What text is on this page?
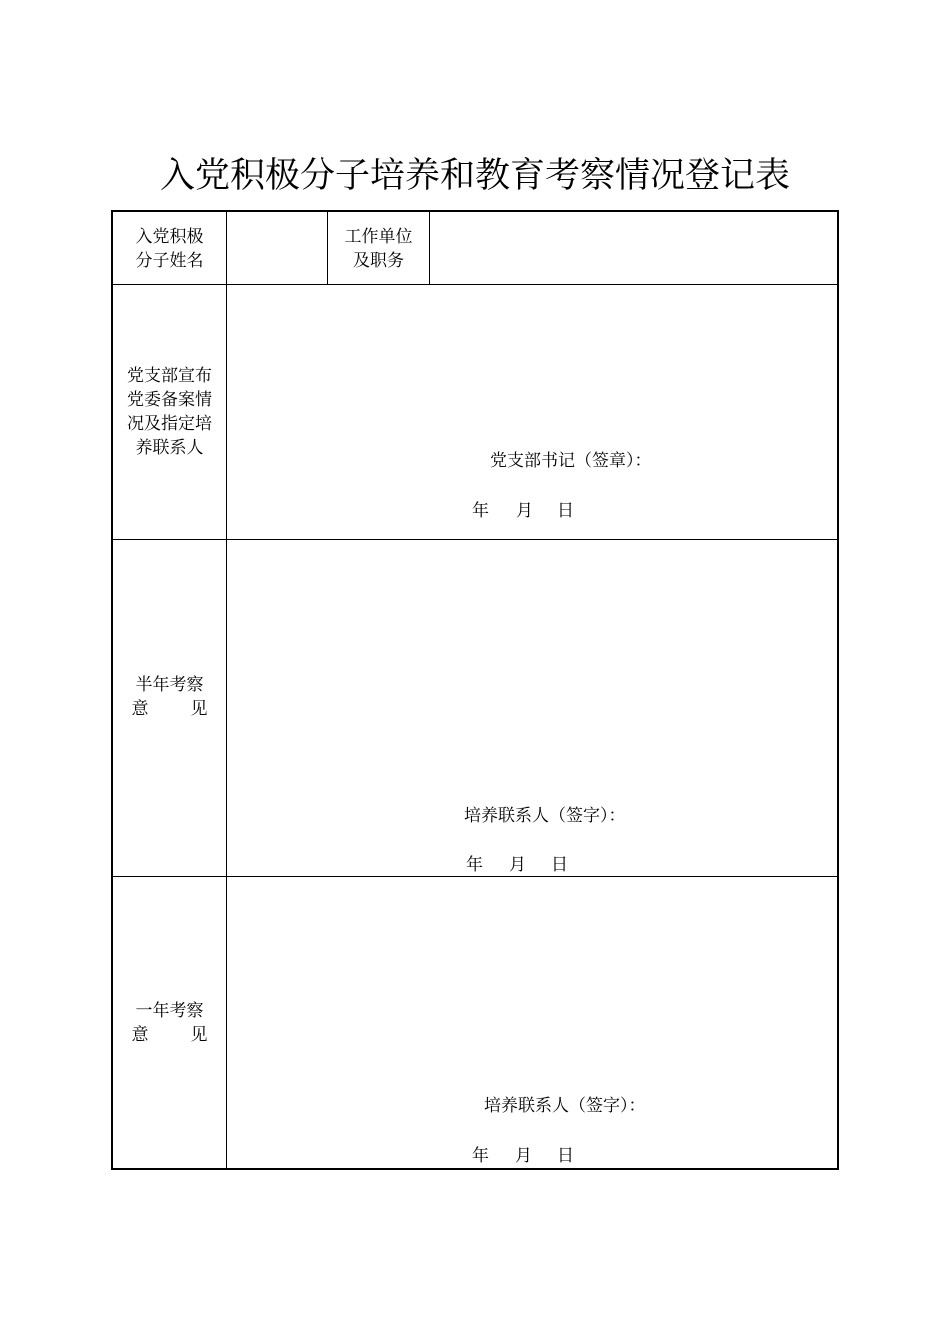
入党积极分子培养和教育考察情况登记表
入党积极
分子姓名
工作单位
及职务
党支部宣布
党委备案情
况及指定培
养联系人
党支部书记（签章）：
年 月 日
半年考察
意 见
培养联系人（签字）：
年 月 日
一年考察
意 见
培养联系人（签字）：
年 月 日
